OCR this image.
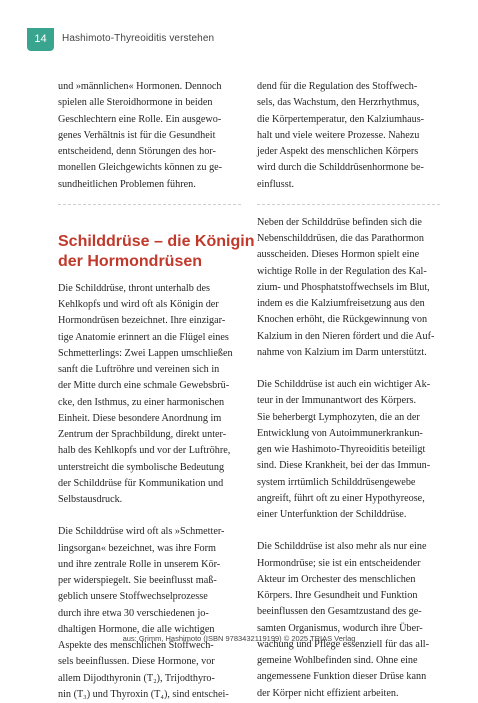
14	Hashimoto-Thyreoiditis verstehen
und »männlichen« Hormonen. Dennoch
spielen alle Steroidhormone in beiden
Geschlechtern eine Rolle. Ein ausgewo-
genes Verhältnis ist für die Gesundheit
entscheidend, denn Störungen des hor-
monellen Gleichgewichts können zu ge-
sundheitlichen Problemen führen.
Schilddrüse – die Königin
der Hormondrüsen
Die Schilddrüse, thront unterhalb des
Kehlkopfs und wird oft als Königin der
Hormondrüsen bezeichnet. Ihre einzigar-
tige Anatomie erinnert an die Flügel eines
Schmetterlings: Zwei Lappen umschließen
sanft die Luftröhre und vereinen sich in
der Mitte durch eine schmale Gewebsbrü-
cke, den Isthmus, zu einer harmonischen
Einheit. Diese besondere Anordnung im
Zentrum der Sprachbildung, direkt unter-
halb des Kehlkopfs und vor der Luftröhre,
unterstreicht die symbolische Bedeutung
der Schilddrüse für Kommunikation und
Selbstausdruck.
Die Schilddrüse wird oft als »Schmetter-
lingsorgan« bezeichnet, was ihre Form
und ihre zentrale Rolle in unserem Kör-
per widerspiegelt. Sie beeinflusst maß-
geblich unsere Stoffwechselprozesse
durch ihre etwa 30 verschiedenen jo-
dhaltigen Hormone, die alle wichtigen
Aspekte des menschlichen Stoffwech-
sels beeinflussen. Diese Hormone, vor
allem Dijodthyronin (T₂), Trijodthyro-
nin (T₃) und Thyroxin (T₄), sind entschei-
dend für die Regulation des Stoffwech-
sels, das Wachstum, den Herzrhythmus,
die Körpertemperatur, den Kalziumhaus-
halt und viele weitere Prozesse. Nahezu
jeder Aspekt des menschlichen Körpers
wird durch die Schilddrüsenhormone be-
einflusst.
Neben der Schilddrüse befinden sich die
Nebenschilddrüsen, die das Parathormon
ausscheiden. Dieses Hormon spielt eine
wichtige Rolle in der Regulation des Kal-
zium- und Phosphatstoffwechsels im Blut,
indem es die Kalziumfreisetzung aus den
Knochen erhöht, die Rückgewinnung von
Kalzium in den Nieren fördert und die Auf-
nahme von Kalzium im Darm unterstützt.
Die Schilddrüse ist auch ein wichtiger Ak-
teur in der Immunantwort des Körpers.
Sie beherbergt Lymphozyten, die an der
Entwicklung von Autoimmunerkrankun-
gen wie Hashimoto-Thyreoiditis beteiligt
sind. Diese Krankheit, bei der das Immun-
system irrtümlich Schilddrüsengewebe
angreift, führt oft zu einer Hypothyreose,
einer Unterfunktion der Schilddrüse.
Die Schilddrüse ist also mehr als nur eine
Hormondrüse; sie ist ein entscheidender
Akteur im Orchester des menschlichen
Körpers. Ihre Gesundheit und Funktion
beeinflussen den Gesamtzustand des ge-
samten Organismus, wodurch ihre Über-
wachung und Pflege essenziell für das all-
gemeine Wohlbefinden sind. Ohne eine
angemessene Funktion dieser Drüse kann
der Körper nicht effizient arbeiten.
aus: Grimm, Hashimoto (ISBN 9783432119199) © 2025 TRIAS Verlag
